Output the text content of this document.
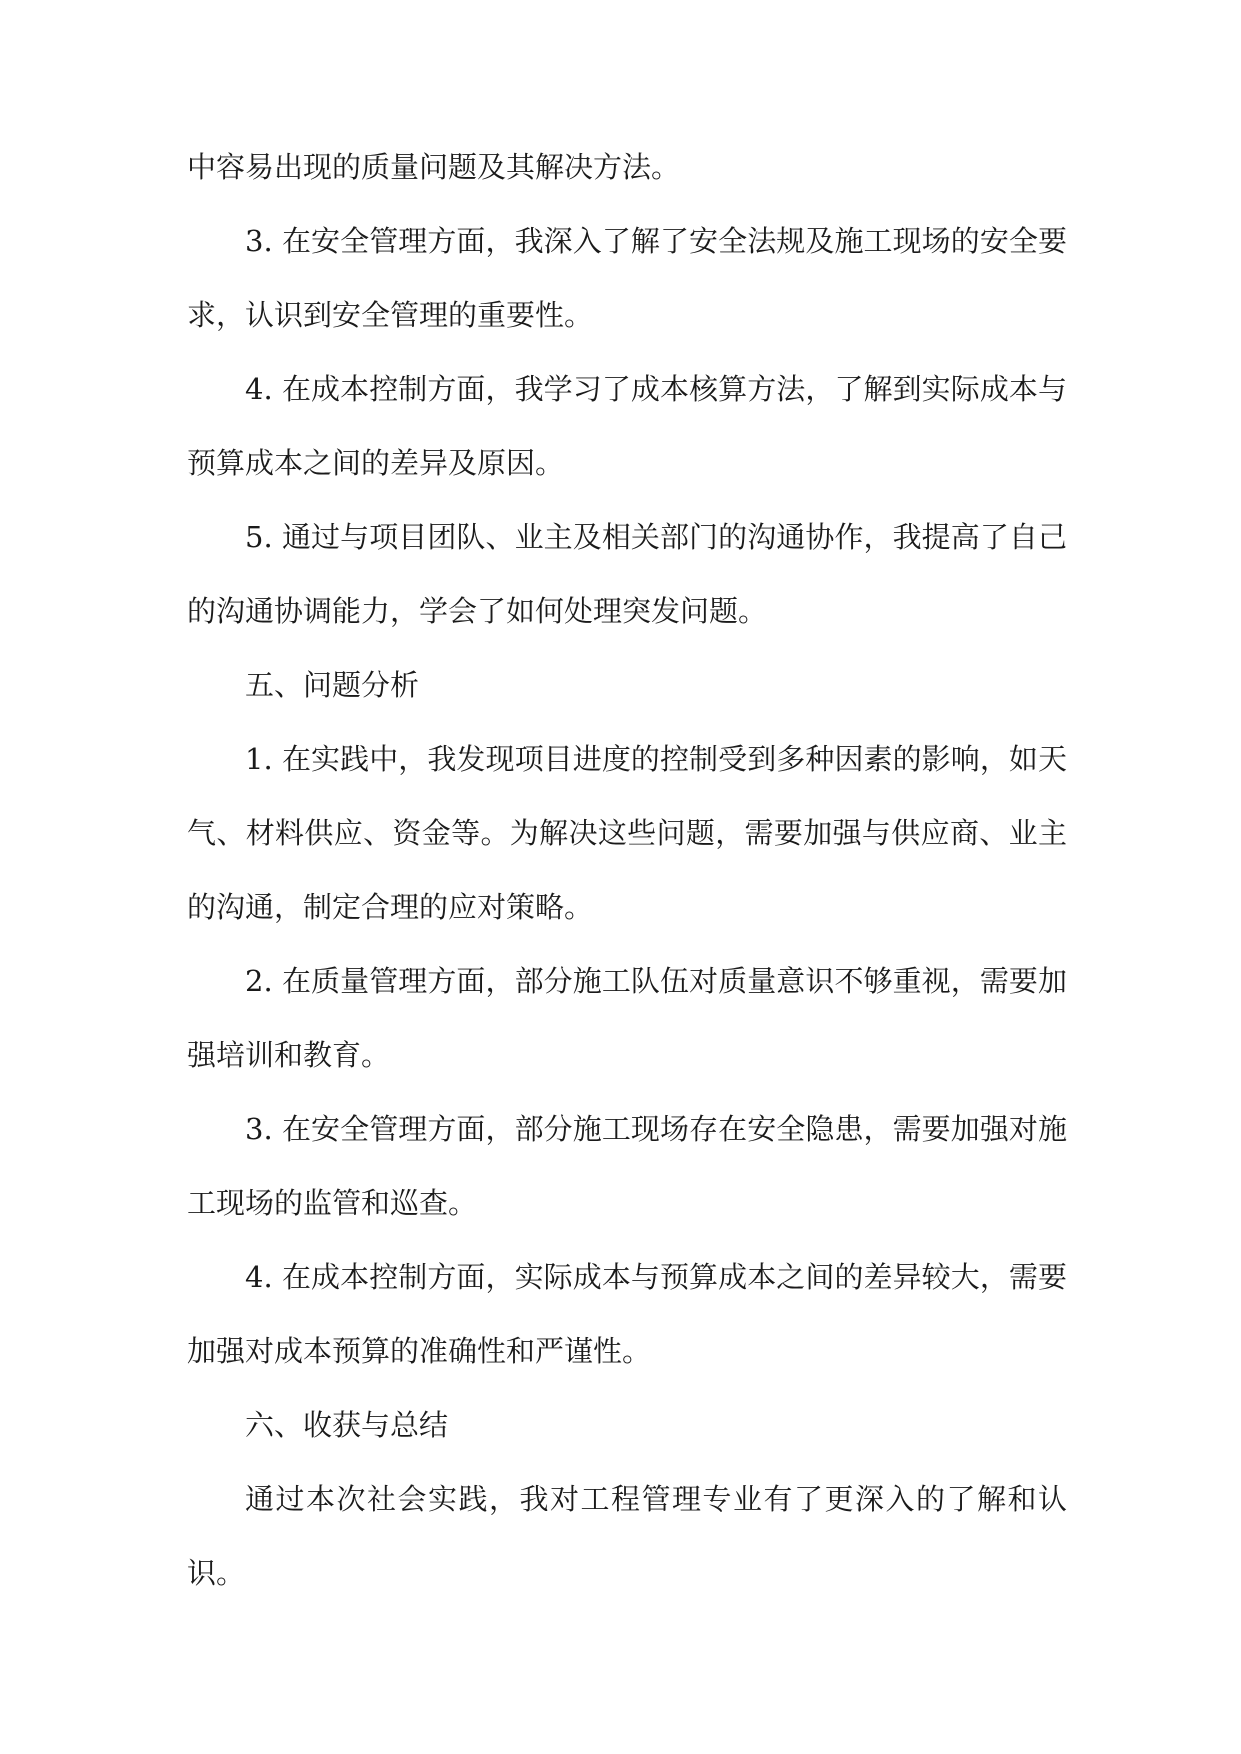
中容易出现的质量问题及其解决方法。

3. 在安全管理方面，我深入了解了安全法规及施工现场的安全要求，认识到安全管理的重要性。

4. 在成本控制方面，我学习了成本核算方法，了解到实际成本与预算成本之间的差异及原因。

5. 通过与项目团队、业主及相关部门的沟通协作，我提高了自己的沟通协调能力，学会了如何处理突发问题。

五、问题分析

1. 在实践中，我发现项目进度的控制受到多种因素的影响，如天气、材料供应、资金等。为解决这些问题，需要加强与供应商、业主的沟通，制定合理的应对策略。

2. 在质量管理方面，部分施工队伍对质量意识不够重视，需要加强培训和教育。

3. 在安全管理方面，部分施工现场存在安全隐患，需要加强对施工现场的监管和巡查。

4. 在成本控制方面，实际成本与预算成本之间的差异较大，需要加强对成本预算的准确性和严谨性。

六、收获与总结

通过本次社会实践，我对工程管理专业有了更深入的了解和认识。
